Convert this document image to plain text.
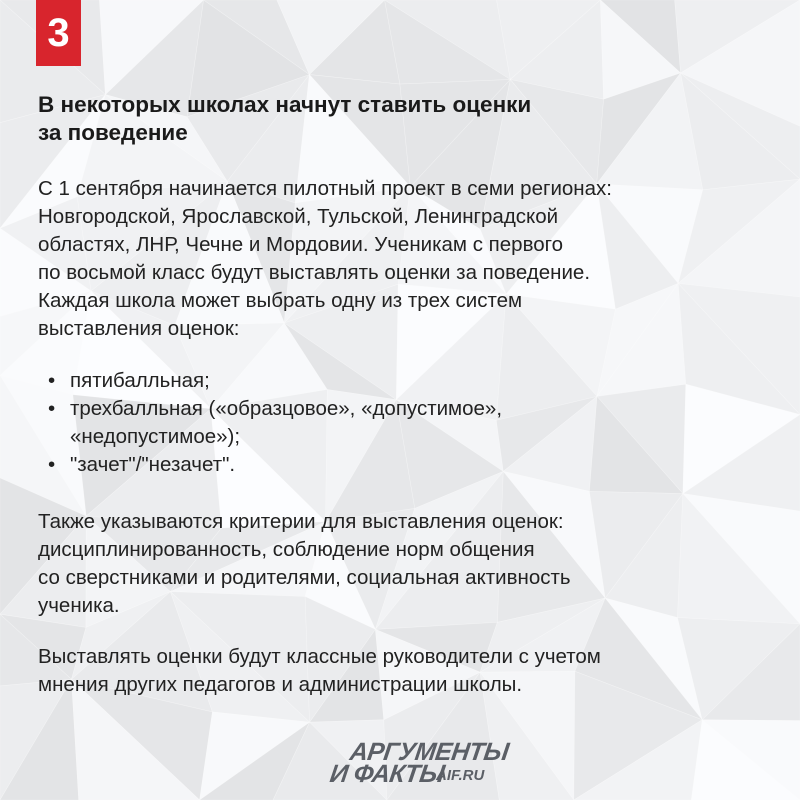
3
В некоторых школах начнут ставить оценки
за поведение
С 1 сентября начинается пилотный проект в семи регионах:
Новгородской, Ярославской, Тульской, Ленинградской
областях, ЛНР, Чечне и Мордовии. Ученикам с первого
по восьмой класс будут выставлять оценки за поведение.
Каждая школа может выбрать одну из трех систем
выставления оценок:
• пятибалльная;
• трехбалльная («образцовое», «допустимое»,
«недопустимое»);
• "зачет"/"незачет".
Также указываются критерии для выставления оценок:
дисциплинированность, соблюдение норм общения
со сверстниками и родителями, социальная активность
ученика.
Выставлять оценки будут классные руководители с учетом
мнения других педагогов и администрации школы.
АРГУМЕНТЫ
И ФАКТЫ
AIF.RU
